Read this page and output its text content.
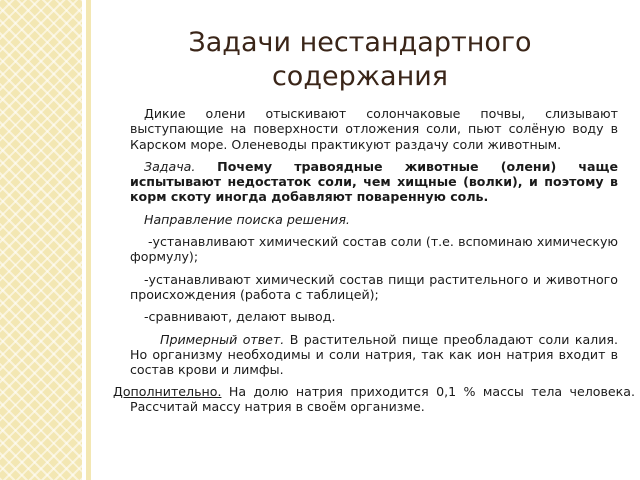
Задачи нестандартного
содержания

Дикие олени отыскивают солончаковые почвы, слизывают выступающие на поверхности отложения соли, пьют солёную воду в Карском море. Оленеводы практикуют раздачу соли животным.

Задача. Почему травоядные животные (олени) чаще испытывают недостаток соли, чем хищные (волки), и поэтому в корм скоту иногда добавляют поваренную соль.

Направление поиска решения.

-устанавливают химический состав соли (т.е. вспоминаю химическую формулу);

-устанавливают химический состав пищи растительного и животного происхождения (работа с таблицей);

-сравнивают, делают вывод.

Примерный ответ. В растительной пище преобладают соли калия. Но организму необходимы и соли натрия, так как ион натрия входит в состав крови и лимфы.

Дополнительно. На долю натрия приходится 0,1 % массы тела человека. Рассчитай массу натрия в своём организме.
